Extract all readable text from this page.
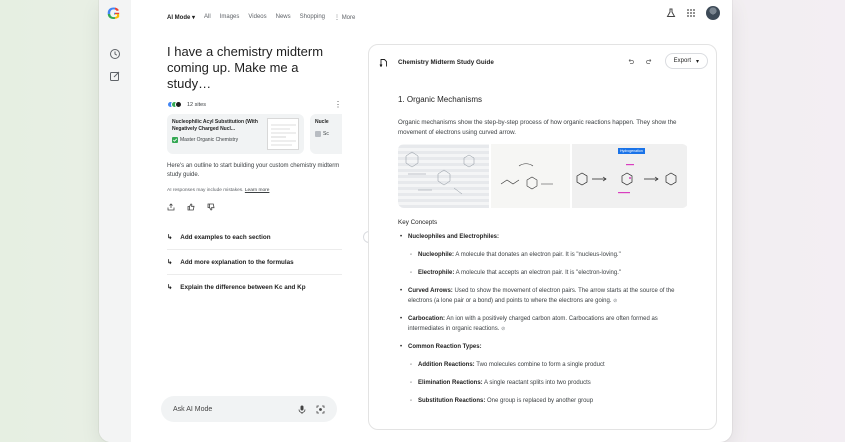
G	AI Mode ▾ All Images Videos News Shopping ⋮ More
I have a chemistry midterm coming up. Make me a study…
12 sites	⋮
Nucleophilic Acyl Substitution (With Negatively Charged Nucl...
Master Organic Chemistry
Nucle
Sc
Here's an outline to start building your custom chemistry midterm study guide.
AI responses may include mistakes. Learn more
↳ Add examples to each section
↳ Add more explanation to the formulas
↳ Explain the difference between Kc and Kp
Ask AI Mode
Chemistry Midterm Study Guide	Export ▾
1. Organic Mechanisms
Organic mechanisms show the step-by-step process of how organic reactions happen. They show the movement of electrons using curved arrow.
Hydrogenation
Key Concepts
• Nucleophiles and Electrophiles:
◦ Nucleophile: A molecule that donates an electron pair. It is "nucleus-loving."
◦ Electrophile: A molecule that accepts an electron pair. It is "electron-loving."
• Curved Arrows: Used to show the movement of electron pairs. The arrow starts at the source of the electrons (a lone pair or a bond) and points to where the electrons are going. ⊘
• Carbocation: An ion with a positively charged carbon atom. Carbocations are often formed as intermediates in organic reactions. ⊘
• Common Reaction Types:
◦ Addition Reactions: Two molecules combine to form a single product
◦ Elimination Reactions: A single reactant splits into two products
◦ Substitution Reactions: One group is replaced by another group
